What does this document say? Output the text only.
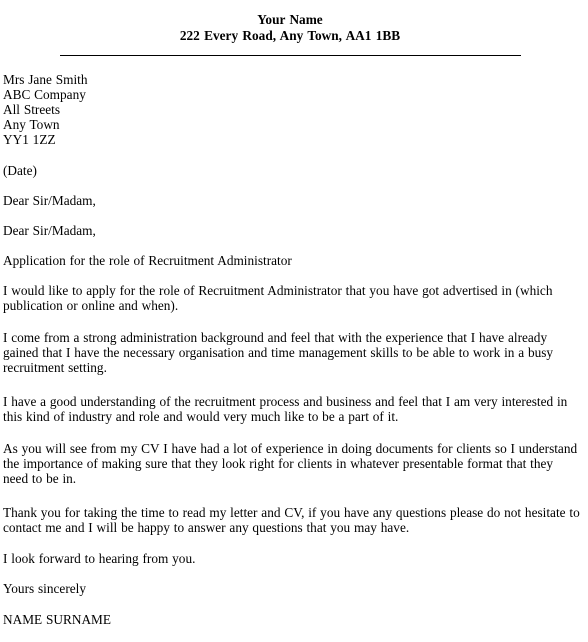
Your Name
222 Every Road, Any Town, AA1 1BB
Mrs Jane Smith
ABC Company
All Streets
Any Town
YY1 1ZZ
(Date)
Dear Sir/Madam,
Dear Sir/Madam,
Application for the role of Recruitment Administrator
I would like to apply for the role of Recruitment Administrator that you have got advertised in (which
publication or online and when).
I come from a strong administration background and feel that with the experience that I have already
gained that I have the necessary organisation and time management skills to be able to work in a busy
recruitment setting.
I have a good understanding of the recruitment process and business and feel that I am very interested in
this kind of industry and role and would very much like to be a part of it.
As you will see from my CV I have had a lot of experience in doing documents for clients so I understand
the importance of making sure that they look right for clients in whatever presentable format that they
need to be in.
Thank you for taking the time to read my letter and CV, if you have any questions please do not hesitate to
contact me and I will be happy to answer any questions that you may have.
I look forward to hearing from you.
Yours sincerely
NAME SURNAME
